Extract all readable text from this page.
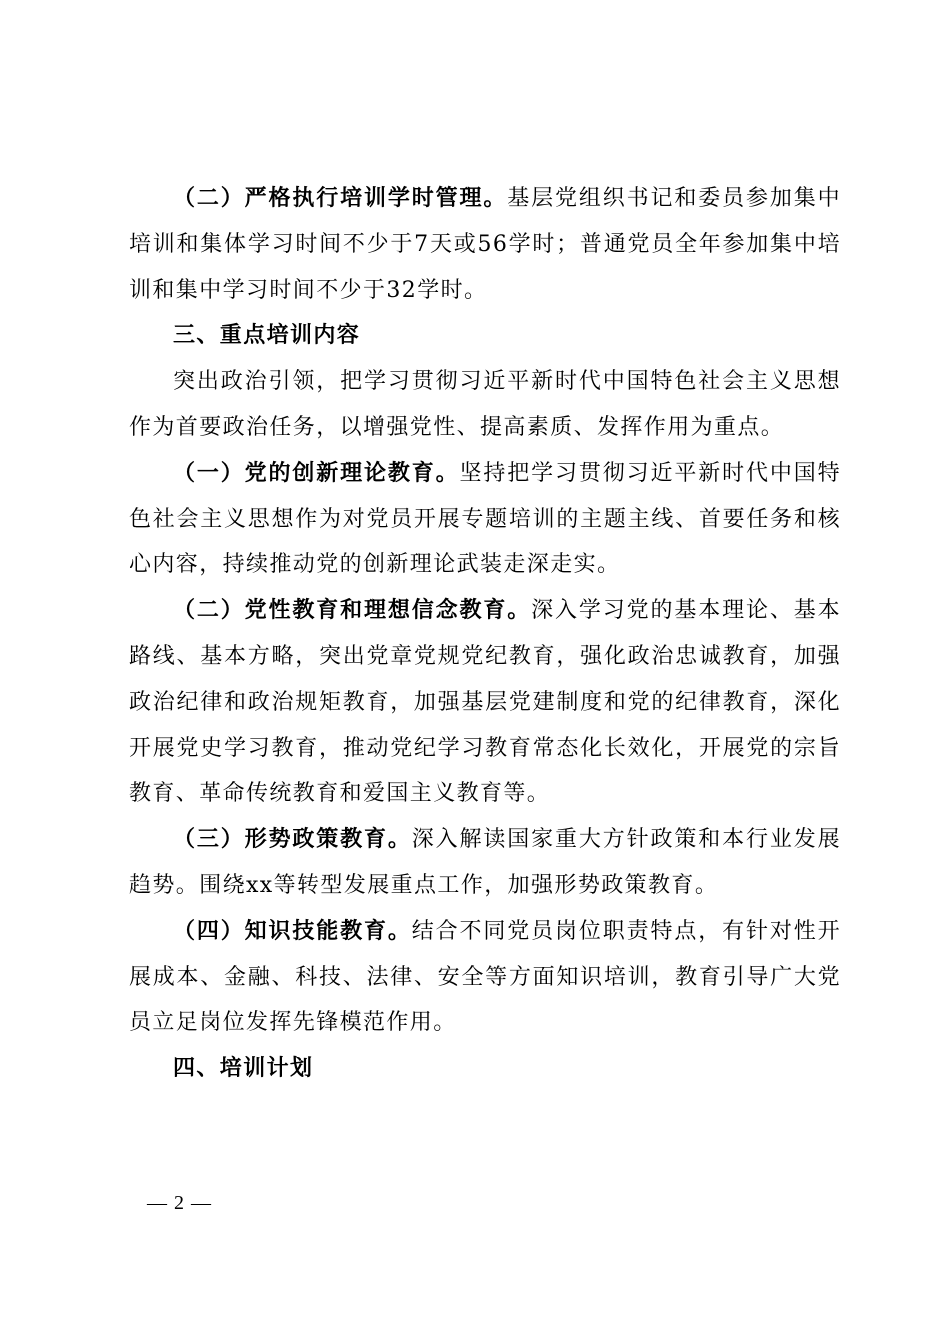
（二）严格执行培训学时管理。基层党组织书记和委员参加集中培训和集体学习时间不少于7天或56学时；普通党员全年参加集中培训和集中学习时间不少于32学时。

三、重点培训内容

突出政治引领，把学习贯彻习近平新时代中国特色社会主义思想作为首要政治任务，以增强党性、提高素质、发挥作用为重点。

（一）党的创新理论教育。坚持把学习贯彻习近平新时代中国特色社会主义思想作为对党员开展专题培训的主题主线、首要任务和核心内容，持续推动党的创新理论武装走深走实。

（二）党性教育和理想信念教育。深入学习党的基本理论、基本路线、基本方略，突出党章党规党纪教育，强化政治忠诚教育，加强政治纪律和政治规矩教育，加强基层党建制度和党的纪律教育，深化开展党史学习教育，推动党纪学习教育常态化长效化，开展党的宗旨教育、革命传统教育和爱国主义教育等。

（三）形势政策教育。深入解读国家重大方针政策和本行业发展趋势。围绕xx等转型发展重点工作，加强形势政策教育。

（四）知识技能教育。结合不同党员岗位职责特点，有针对性开展成本、金融、科技、法律、安全等方面知识培训，教育引导广大党员立足岗位发挥先锋模范作用。

四、培训计划

— 2 —
